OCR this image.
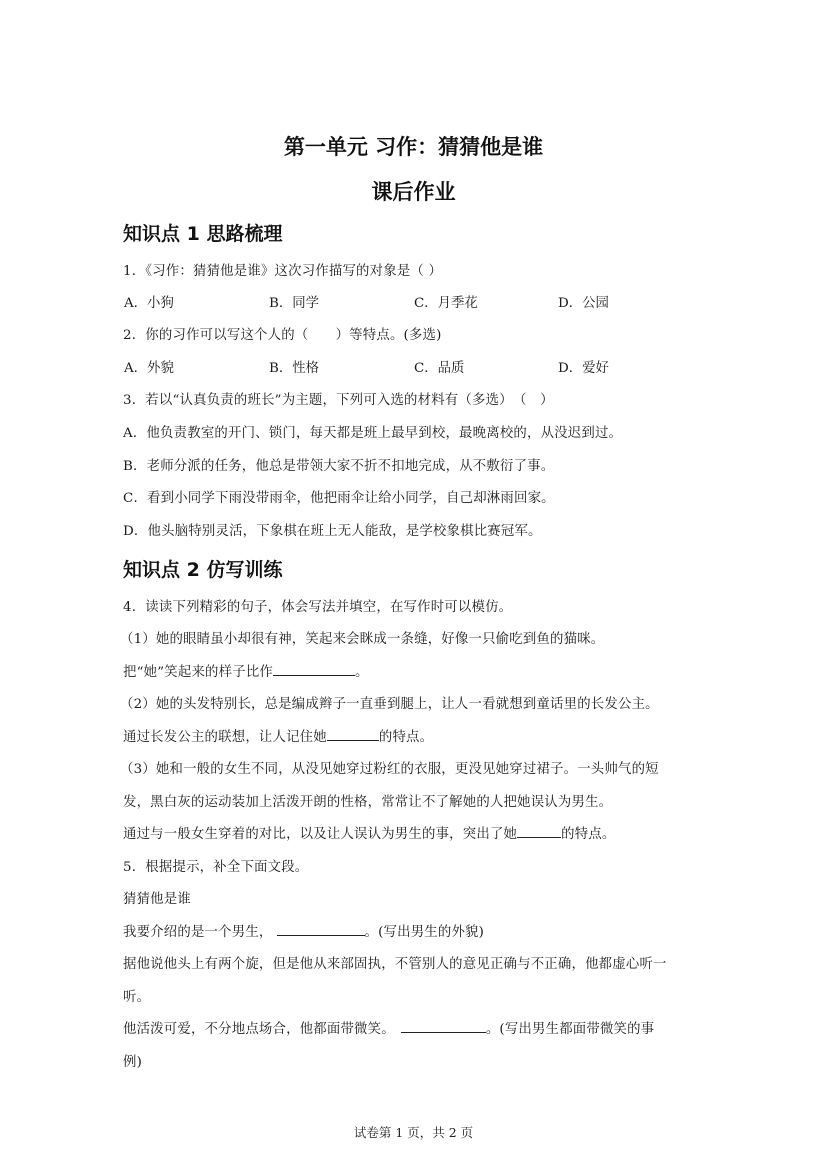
第一单元 习作：猜猜他是谁
课后作业
知识点 1 思路梳理
1．《习作：猜猜他是谁》这次习作描写的对象是（ ）
A．小狗	B．同学	C．月季花	D．公园
2．你的习作可以写这个人的（　　）等特点。(多选)
A．外貌	B．性格	C．品质	D．爱好
3．若以“认真负责的班长”为主题，下列可入选的材料有（多选）　（　）
A．他负责教室的开门、锁门，每天都是班上最早到校，最晚离校的，从没迟到过。
B．老师分派的任务，他总是带领大家不折不扣地完成，从不敷衍了事。
C．看到小同学下雨没带雨伞，他把雨伞让给小同学，自己却淋雨回家。
D．他头脑特别灵活，下象棋在班上无人能敌，是学校象棋比赛冠军。
知识点 2 仿写训练
4．读读下列精彩的句子，体会写法并填空，在写作时可以模仿。
（1）她的眼睛虽小却很有神，笑起来会眯成一条缝，好像一只偷吃到鱼的猫咪。
把“她”笑起来的样子比作	。
（2）她的头发特别长，总是编成辫子一直垂到腿上，让人一看就想到童话里的长发公主。
通过长发公主的联想，让人记住她	的特点。
（3）她和一般的女生不同，从没见她穿过粉红的衣服，更没见她穿过裙子。一头帅气的短
发，黑白灰的运动装加上活泼开朗的性格，常常让不了解她的人把她误认为男生。
通过与一般女生穿着的对比，以及让人误认为男生的事，突出了她	的特点。
5．根据提示，补全下面文段。
猜猜他是谁
我要介绍的是一个男生，	。(写出男生的外貌)
据他说他头上有两个旋，但是他从来部固执，不管别人的意见正确与不正确，他都虚心听一
听。
他活泼可爱，不分地点场合，他都面带微笑。	。(写出男生都面带微笑的事
例)
试卷第 1 页，共 2 页
